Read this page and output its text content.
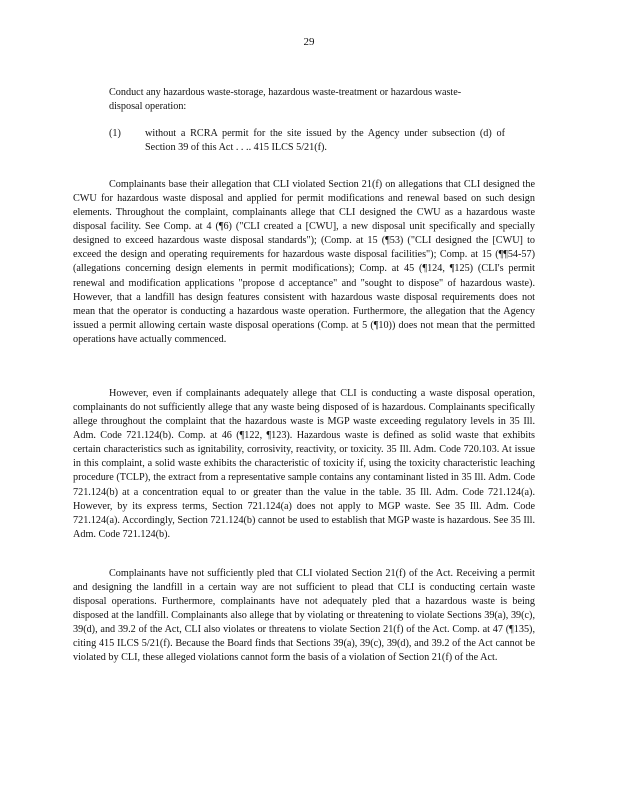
29
Conduct any hazardous waste-storage, hazardous waste-treatment or hazardous waste-disposal operation:
(1) without a RCRA permit for the site issued by the Agency under subsection (d) of Section 39 of this Act . . .. 415 ILCS 5/21(f).

Complainants base their allegation that CLI violated Section 21(f) on allegations that CLI designed the CWU for hazardous waste disposal and applied for permit modifications and renewal based on such design elements. Throughout the complaint, complainants allege that CLI designed the CWU as a hazardous waste disposal facility. See Comp. at 4 (¶6) ("CLI created a [CWU], a new disposal unit specifically and specially designed to exceed hazardous waste disposal standards"); (Comp. at 15 (¶53) ("CLI designed the [CWU] to exceed the design and operating requirements for hazardous waste disposal facilities"); Comp. at 15 (¶¶54-57) (allegations concerning design elements in permit modifications); Comp. at 45 (¶124, ¶125) (CLI's permit renewal and modification applications "propose d acceptance" and "sought to dispose" of hazardous waste). However, that a landfill has design features consistent with hazardous waste disposal requirements does not mean that the operator is conducting a hazardous waste operation. Furthermore, the allegation that the Agency issued a permit allowing certain waste disposal operations (Comp. at 5 (¶10)) does not mean that the permitted operations have actually commenced.

However, even if complainants adequately allege that CLI is conducting a waste disposal operation, complainants do not sufficiently allege that any waste being disposed of is hazardous. Complainants specifically allege throughout the complaint that the hazardous waste is MGP waste exceeding regulatory levels in 35 Ill. Adm. Code 721.124(b). Comp. at 46 (¶122, ¶123). Hazardous waste is defined as solid waste that exhibits certain characteristics such as ignitability, corrosivity, reactivity, or toxicity. 35 Ill. Adm. Code 720.103. At issue in this complaint, a solid waste exhibits the characteristic of toxicity if, using the toxicity characteristic leaching procedure (TCLP), the extract from a representative sample contains any contaminant listed in 35 Ill. Adm. Code 721.124(b) at a concentration equal to or greater than the value in the table. 35 Ill. Adm. Code 721.124(a). However, by its express terms, Section 721.124(a) does not apply to MGP waste. See 35 Ill. Adm. Code 721.124(a). Accordingly, Section 721.124(b) cannot be used to establish that MGP waste is hazardous. See 35 Ill. Adm. Code 721.124(b).

Complainants have not sufficiently pled that CLI violated Section 21(f) of the Act. Receiving a permit and designing the landfill in a certain way are not sufficient to plead that CLI is conducting certain waste disposal operations. Furthermore, complainants have not adequately pled that a hazardous waste is being disposed at the landfill. Complainants also allege that by violating or threatening to violate Sections 39(a), 39(c), 39(d), and 39.2 of the Act, CLI also violates or threatens to violate Section 21(f) of the Act. Comp. at 47 (¶135), citing 415 ILCS 5/21(f). Because the Board finds that Sections 39(a), 39(c), 39(d), and 39.2 of the Act cannot be violated by CLI, these alleged violations cannot form the basis of a violation of Section 21(f) of the Act.
